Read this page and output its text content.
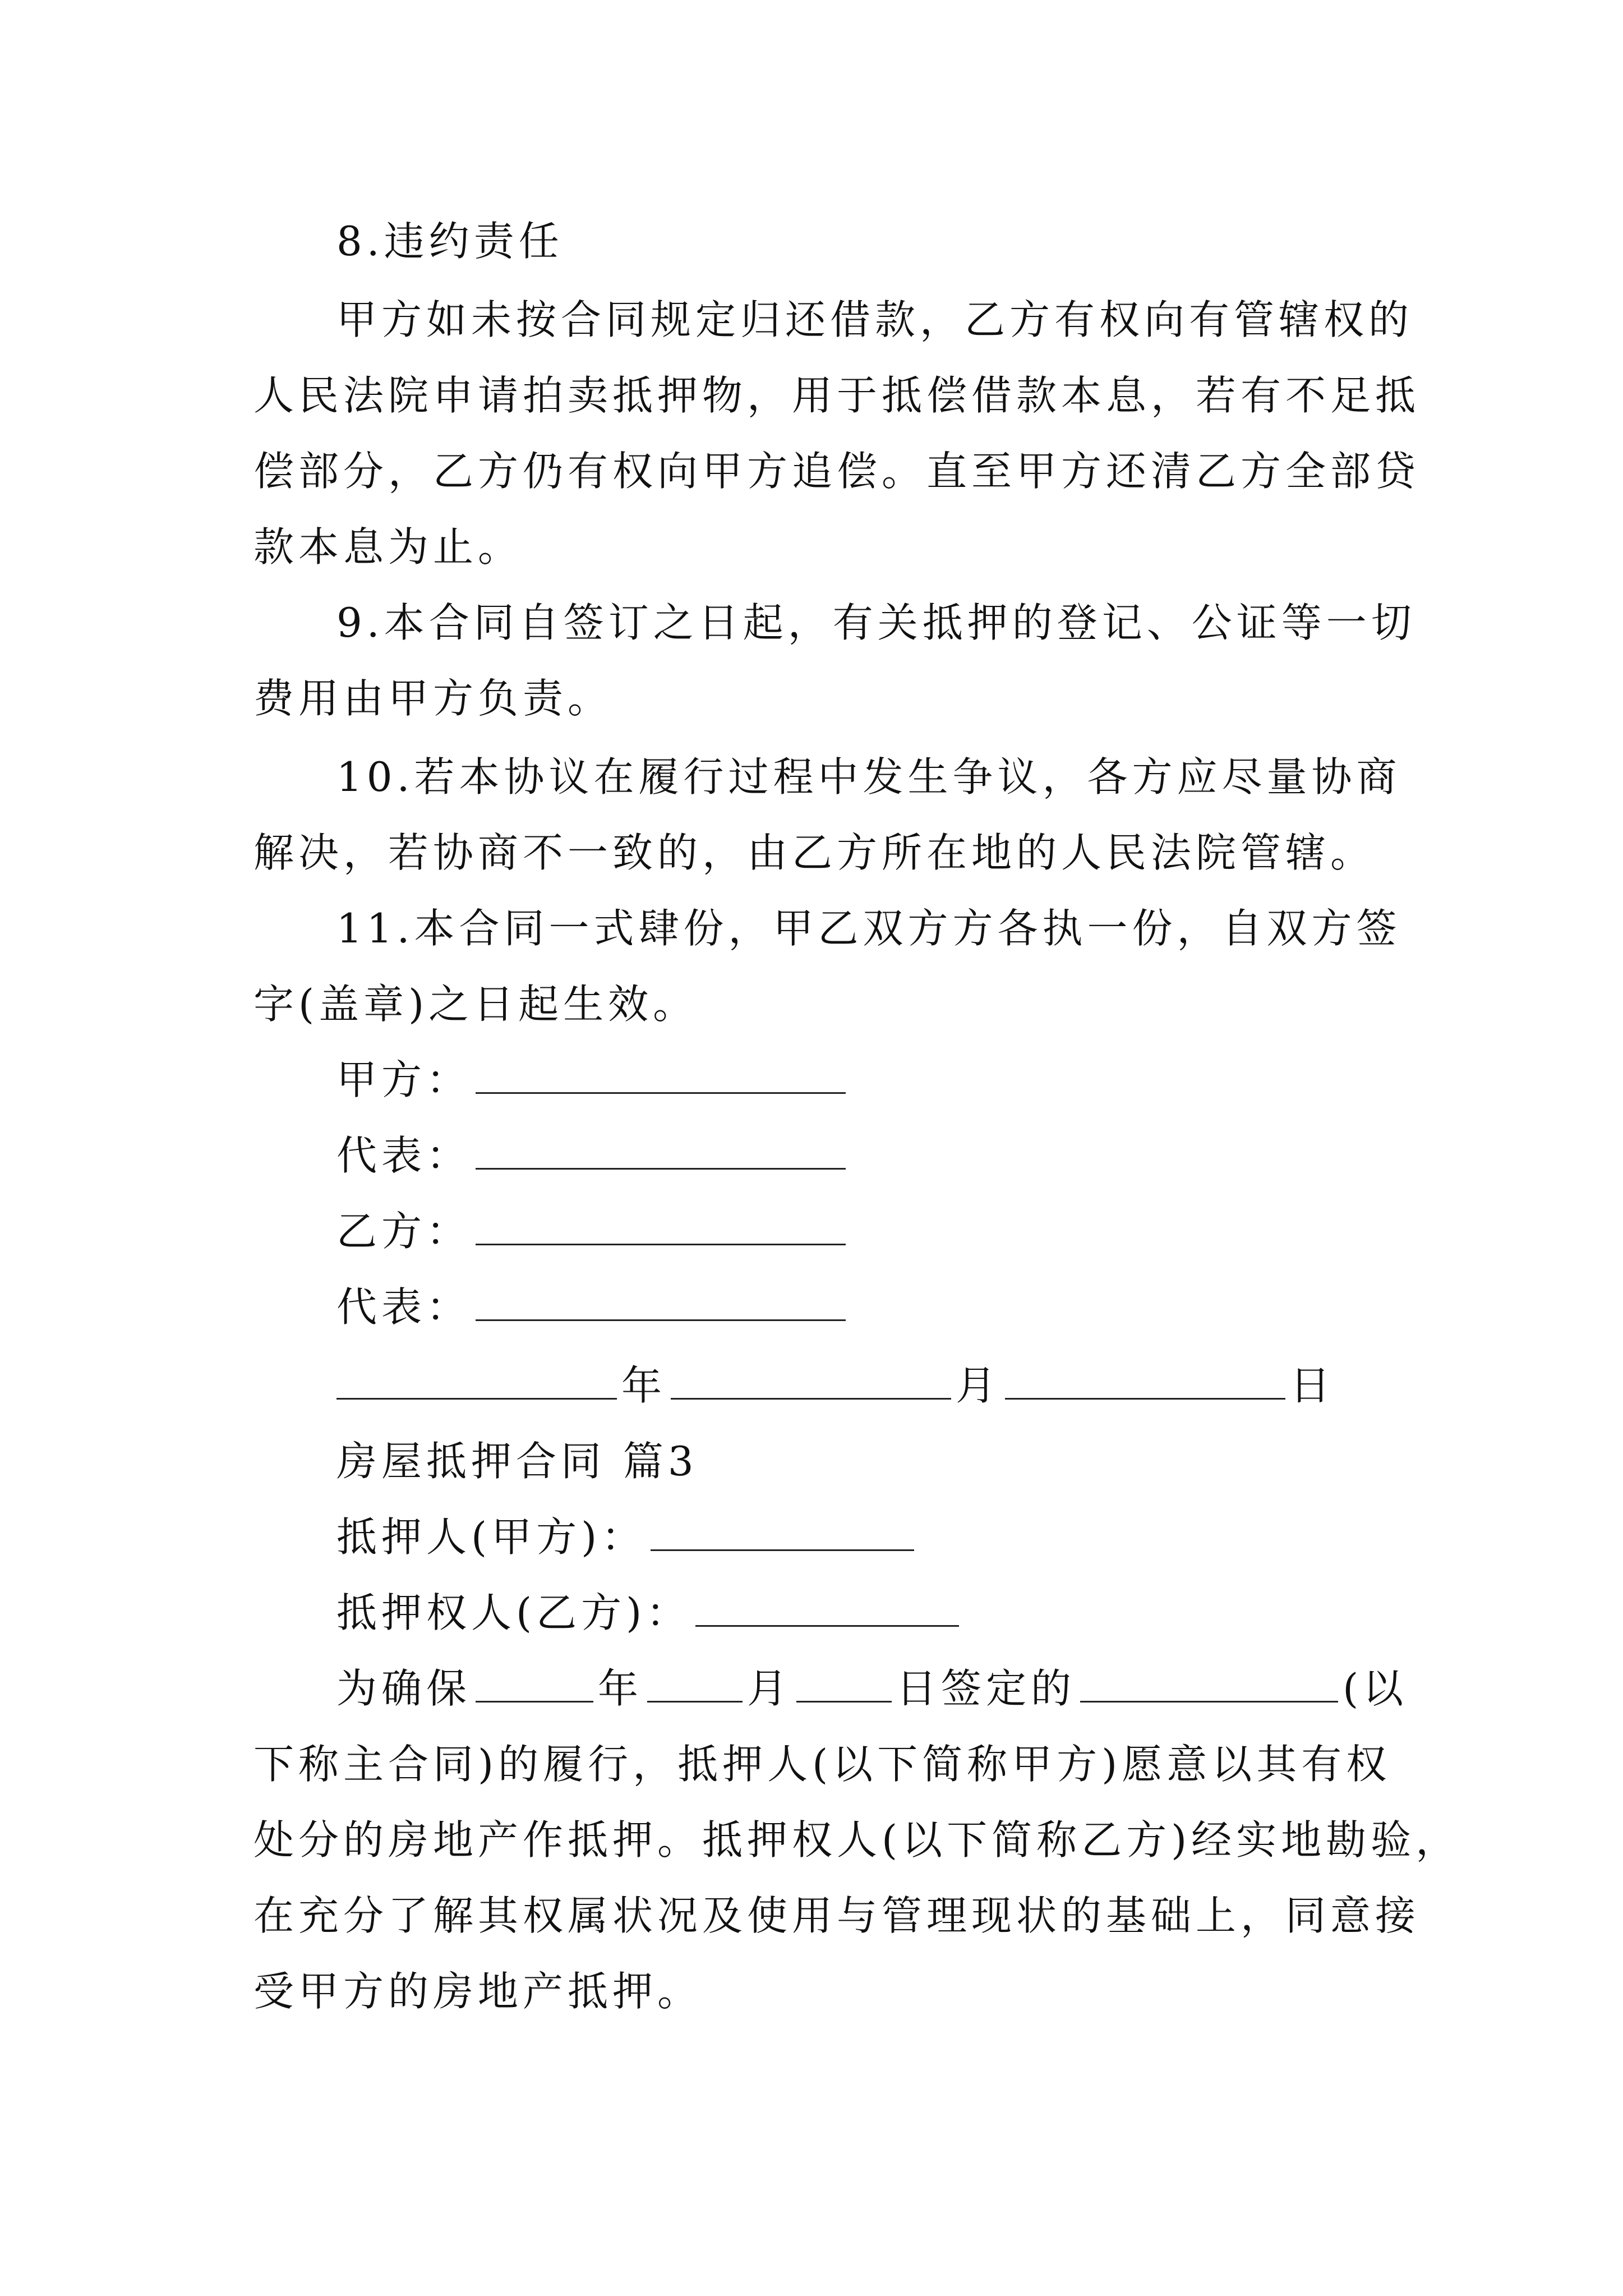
8.违约责任
甲方如未按合同规定归还借款，乙方有权向有管辖权的
人民法院申请拍卖抵押物，用于抵偿借款本息，若有不足抵
偿部分，乙方仍有权向甲方追偿。直至甲方还清乙方全部贷
款本息为止。
9.本合同自签订之日起，有关抵押的登记、公证等一切
费用由甲方负责。
10.若本协议在履行过程中发生争议，各方应尽量协商
解决，若协商不一致的，由乙方所在地的人民法院管辖。
11.本合同一式肆份，甲乙双方方各执一份，自双方签
字(盖章)之日起生效。
甲方：
代表：
乙方：
代表：
年	月	日
房屋抵押合同 篇3
抵押人(甲方)：
抵押权人(乙方)：
为确保	年	月	日签定的	(以
下称主合同)的履行，抵押人(以下简称甲方)愿意以其有权
处分的房地产作抵押。抵押权人(以下简称乙方)经实地勘验，
在充分了解其权属状况及使用与管理现状的基础上，同意接
受甲方的房地产抵押。
